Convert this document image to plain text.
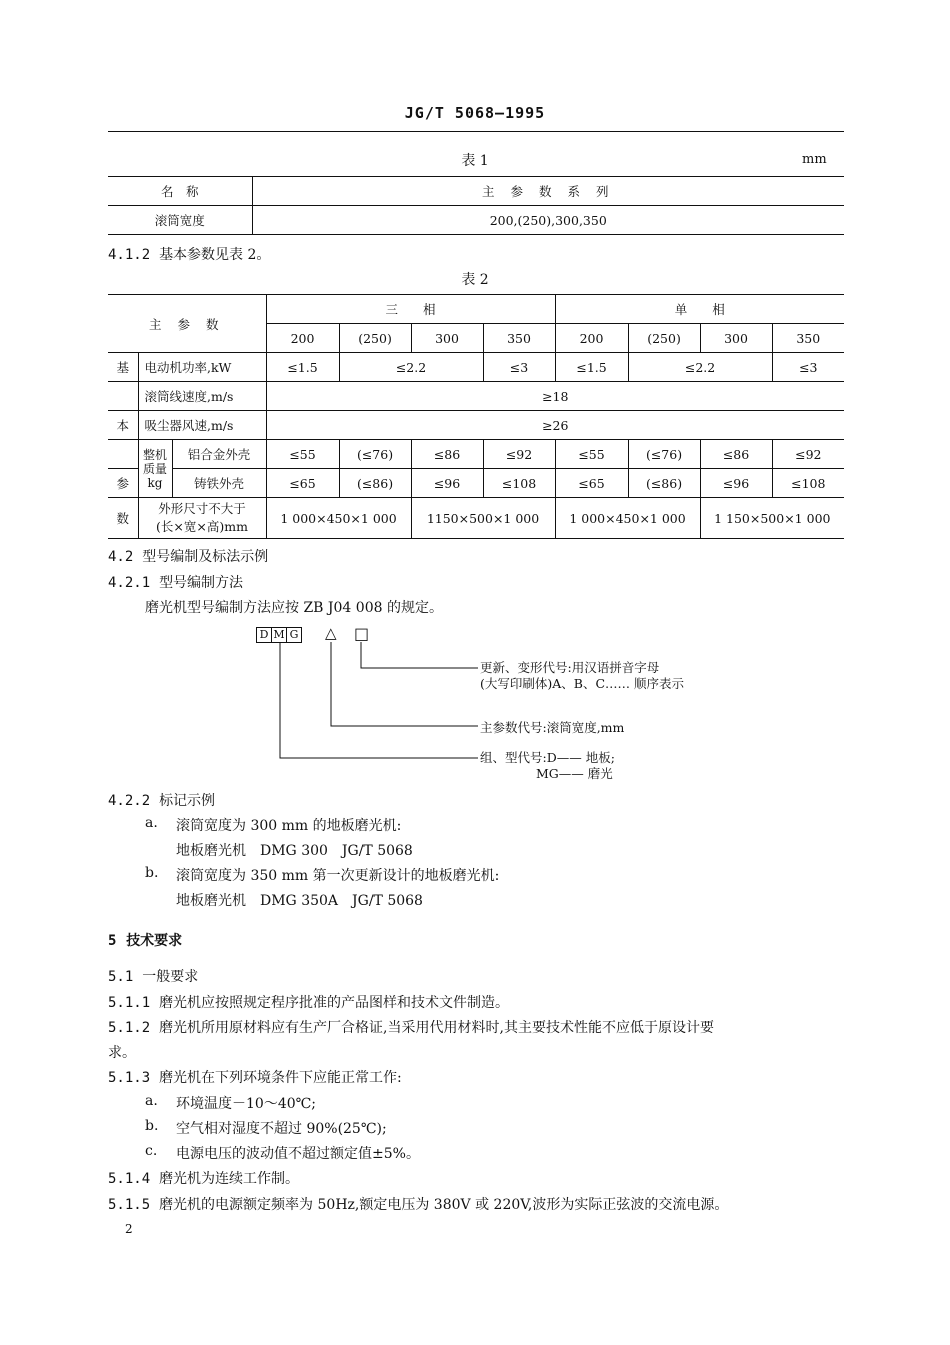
JG/T 5068—1995
表 1	mm
名　称	主 参 数 系 列
滚筒宽度	200,(250),300,350
4.1.2 基本参数见表 2。
表 2
主 参 数			三　　相				单　　相			
			200	(250)	300	350	200	(250)	300	350
基	电动机功率,kW		≤1.5	≤2.2		≤3	≤1.5	≤2.2		≤3
	滚筒线速度,m/s		≥18							
本	吸尘器风速,m/s		≥26							
	整机质量kg	铝合金外壳	≤55	(≤76)	≤86	≤92	≤55	(≤76)	≤86	≤92
参		铸铁外壳	≤65	(≤86)	≤96	≤108	≤65	(≤86)	≤96	≤108
数	外形尺寸不大于
(长×宽×高)mm		1 000×450×1 000		1150×500×1 000		1 000×450×1 000		1 150×500×1 000	
4.2 型号编制及标法示例
4.2.1 型号编制方法
磨光机型号编制方法应按 ZB J04 008 的规定。
D M G △ □
更新、变形代号:用汉语拼音字母
(大写印刷体)A、B、C…… 顺序表示
主参数代号:滚筒宽度,mm
组、型代号:D—— 地板;
MG—— 磨光
4.2.2 标记示例
a. 滚筒宽度为 300 mm 的地板磨光机:
地板磨光机　DMG 300　JG/T 5068
b. 滚筒宽度为 350 mm 第一次更新设计的地板磨光机:
地板磨光机　DMG 350A　JG/T 5068
5 技术要求
5.1 一般要求
5.1.1 磨光机应按照规定程序批准的产品图样和技术文件制造。
5.1.2 磨光机所用原材料应有生产厂合格证,当采用代用材料时,其主要技术性能不应低于原设计要
求。
5.1.3 磨光机在下列环境条件下应能正常工作:
a. 环境温度－10～40℃;
b. 空气相对湿度不超过 90%(25℃);
c. 电源电压的波动值不超过额定值±5%。
5.1.4 磨光机为连续工作制。
5.1.5 磨光机的电源额定频率为 50Hz,额定电压为 380V 或 220V,波形为实际正弦波的交流电源。
2
